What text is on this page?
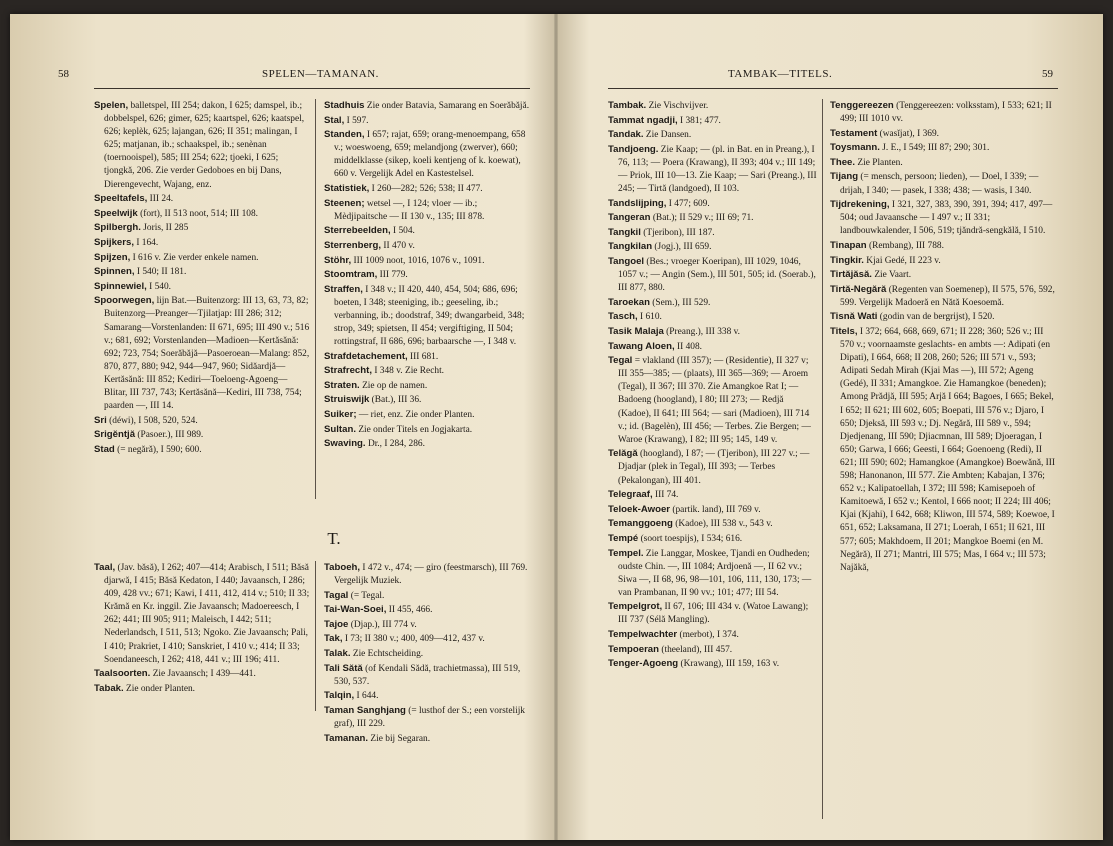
58	SPELEN—TAMANAN.
Spelen, balletspel, III 254; dakon, I 625; damspel, ib.; dobbelspel, 626; gimer, 625; kaartspel, 626; kaatspel, 626; keplèk, 625; lajangan, 626; II 351; malingan, I 625; matjanan, ib.; schaakspel, ib.; senènan (toernooispel), 585; III 254; 622; tjoeki, I 625; tjongkă, 206. Zie verder Gedoboes en bij Dans, Dierengevecht, Wajang, enz.
Speeltafels, III 24.
Speelwijk (fort), II 513 noot, 514; III 108.
Spilbergh. Joris, II 285
Spijkers, I 164.
Spijzen, I 616 v. Zie verder enkele namen.
Spinnen, I 540; II 181.
Spinnewiel, I 540.
Spoorwegen, lijn Bat.—Buitenzorg: III 13, 63, 73, 82; Buitenzorg—Preanger—Tjilatjap: III 286; 312; Samarang—Vorstenlanden: II 671, 695; III 490 v.; 516 v.; 681, 692; Vorstenlanden—Madioen—Kertăsănă: 692; 723, 754; Soerăbăjă—Pasoeroean—Malang: 852, 870, 877, 880; 942, 944—947, 960; Sidăardjă—Kertăsănă: III 852; Kediri—Toeloeng-Agoeng—Blitar, III 737, 743; Kertăsănă—Kediri, III 738, 754; paarden —, III 14.
Sri (déwi), I 508, 520, 524.
Srigĕntjă (Pasoer.), III 989.
Stad (= negărǎ), I 590; 600.
Stadhuis Zie onder Batavia, Samarang en Soerăbăjă.
Stal, I 597.
Standen, I 657; rajat, 659; orang-menoempang, 658 v.; woeswoeng, 659; melandjong (zwerver), 660; middelklasse (sikep, koeli kentjeng of k. koewat), 660 v. Vergelijk Adel en Kastestelsel.
Statistiek, I 260—282; 526; 538; II 477.
Steenen; wetsel —, I 124; vloer — ib.; Mèdjipaitsche — II 130 v., 135; III 878.
Sterrebeelden, I 504.
Sterrenberg, II 470 v.
Stöhr, III 1009 noot, 1016, 1076 v., 1091.
Stoomtram, III 779.
Straffen, I 348 v.; II 420, 440, 454, 504; 686, 696; boeten, I 348; steeniging, ib.; geeseling, ib.; verbanning, ib.; doodstraf, 349; dwangarbeid, 348; strop, 349; spietsen, II 454; vergiftiging, II 504; rottingstraf, II 686, 696; barbaarsche —, I 348 v.
Strafdetachement, III 681.
Strafrecht, I 348 v. Zie Recht.
Straten. Zie op de namen.
Struiswijk (Bat.), III 36.
Suiker; — riet, enz. Zie onder Planten.
Sultan. Zie onder Titels en Jogjakarta.
Swaving. Dr., I 284, 286.
T.
Taal, (Jav. băsă), I 262; 407—414; Arabisch, I 511; Băsă djarwă, I 415; Băsă Kedaton, I 440; Javaansch, I 286; 409, 428 vv.; 671; Kawi, I 411, 412, 414 v.; 510; II 33; Krămă en Kr. inggil. Zie Javaansch; Madoereesch, I 262; 441; III 905; 911; Maleisch, I 442; 511; Nederlandsch, I 511, 513; Ngoko. Zie Javaansch; Pali, I 410; Prakriet, I 410; Sanskriet, I 410 v.; 414; II 33; Soendaneesch, I 262; 418, 441 v.; III 196; 411.
Taalsoorten. Zie Javaansch; I 439—441.
Tabak. Zie onder Planten.
Taboeh, I 472 v., 474; — giro (feestmarsch), III 769. Vergelijk Muziek.
Tagal (= Tegal.
Tai-Wan-Soei, II 455, 466.
Tajoe (Djap.), III 774 v.
Tak, I 73; II 380 v.; 400, 409—412, 437 v.
Talak. Zie Echtscheiding.
Tali Sătă (of Kendali Sădă, trachietmassa), III 519, 530, 537.
Talqin, I 644.
Taman Sanghjang (= lusthof der S.; een vorstelijk graf), III 229.
Tamanan. Zie bij Segaran.
TAMBAK—TITELS.	59
Tambak. Zie Vischvijver.
Tammat ngadji, I 381; 477.
Tandak. Zie Dansen.
Tandjoeng. Zie Kaap; — (pl. in Bat. en in Preang.), I 76, 113; — Poera (Krawang), II 393; 404 v.; III 149; — Priok, III 10—13. Zie Kaap; — Sari (Preang.), III 245; — Tirtă (landgoed), II 103.
Tandslijping, I 477; 609.
Tangeran (Bat.); II 529 v.; III 69; 71.
Tangkil (Tjeribon), III 187.
Tangkilan (Jogj.), III 659.
Tangoel (Bes.; vroeger Koeripan), III 1029, 1046, 1057 v.; — Angin (Sem.), III 501, 505; id. (Soerab.), III 877, 880.
Taroekan (Sem.), III 529.
Tasch, I 610.
Tasik Malaja (Preang.), III 338 v.
Tawang Aloen, II 408.
Tegal = vlakland (III 357); — (Residentie), II 327 v; III 355—385; — (plaats), III 365—369; — Aroem (Tegal), II 367; III 370. Zie Amangkoe Rat I; — Badoeng (hoogland), I 80; III 273; — Redjă (Kadoe), II 641; III 564; — sari (Madioen), III 714 v.; id. (Bagelèn), III 456; — Terbes. Zie Bergen; — Waroe (Krawang), I 82; III 95; 145, 149 v.
Telăgă (hoogland), I 87; — (Tjeribon), III 227 v.; — Djadjar (plek in Tegal), III 393; — Terbes (Pekalongan), III 401.
Telegraaf, III 74.
Teloek-Awoer (partik. land), III 769 v.
Temanggoeng (Kadoe), III 538 v., 543 v.
Tempé (soort toespijs), I 534; 616.
Tempel. Zie Langgar, Moskee, Tjandi en Oudheden; oudste Chin. —, III 1084; Ardjoenă —, II 62 vv.; Siwa —, II 68, 96, 98—101, 106, 111, 130, 173; — van Prambanan, II 90 vv.; 101; 477; III 54.
Tempelgrot, II 67, 106; III 434 v. (Watoe Lawang); III 737 (Sélă Mangling).
Tempelwachter (merbot), I 374.
Tempoeran (theeland), III 457.
Tenger-Agoeng (Krawang), III 159, 163 v.
Tenggereezen (Tenggereezen: volksstam), I 533; 621; II 499; III 1010 vv.
Testament (wasĭjat), I 369.
Toysmann. J. E., I 549; III 87; 290; 301.
Thee. Zie Planten.
Tijang (= mensch, persoon; lieden), — Doel, I 339; — drijah, I 340; — pasek, I 338; 438; — wasis, I 340.
Tijdrekening, I 321, 327, 383, 390, 391, 394; 417, 497—504; oud Javaansche — I 497 v.; II 331; landbouwkalender, I 506, 519; tjăndră-sengkălă, I 510.
Tinapan (Rembang), III 788.
Tingkir. Kjai Gedé, II 223 v.
Tirtăjăsă. Zie Vaart.
Tirtă-Negără (Regenten van Soemenep), II 575, 576, 592, 599. Vergelijk Madoeră en Nătă Koesoemă.
Tisnă Wati (godin van de bergrijst), I 520.
Titels, I 372; 664, 668, 669, 671; II 228; 360; 526 v.; III 570 v.; voornaamste geslachts- en ambts —: Adipati (en Dipati), I 664, 668; II 208, 260; 526; III 571 v., 593; Adipati Sedah Mirah (Kjai Mas —), III 572; Ageng (Gedé), II 331; Amangkoe. Zie Hamangkoe (beneden); Among Prădjă, III 595; Arjă I 664; Bagoes, I 665; Bekel, I 652; II 621; III 602, 605; Boepati, III 576 v.; Djaro, I 650; Djeksă, III 593 v.; Dj. Negără, III 589 v., 594; Djedjenang, III 590; Djiacmnan, III 589; Djoeragan, I 650; Garwa, I 666; Geesti, I 664; Goenoeng (Redi), II 621; III 590; 602; Hamangkoe (Amangkoe) Boewănă, III 598; Hanonanon, III 577. Zie Ambten; Kabajan, I 376; 652 v.; Kalipatoellah, I 372; III 598; Kamisepoeh of Kamitoewă, I 652 v.; Kentol, I 666 noot; II 224; III 406; Kjai (Kjahi), I 642, 668; Kliwon, III 574, 589; Koewoe, I 651, 652; Laksamana, II 271; Loerah, I 651; II 621, III 577; 605; Makhdoem, II 201; Mangkoe Boemi (en M. Negără), II 271; Mantri, III 575; Mas, I 664 v.; III 573; Najăkă,
